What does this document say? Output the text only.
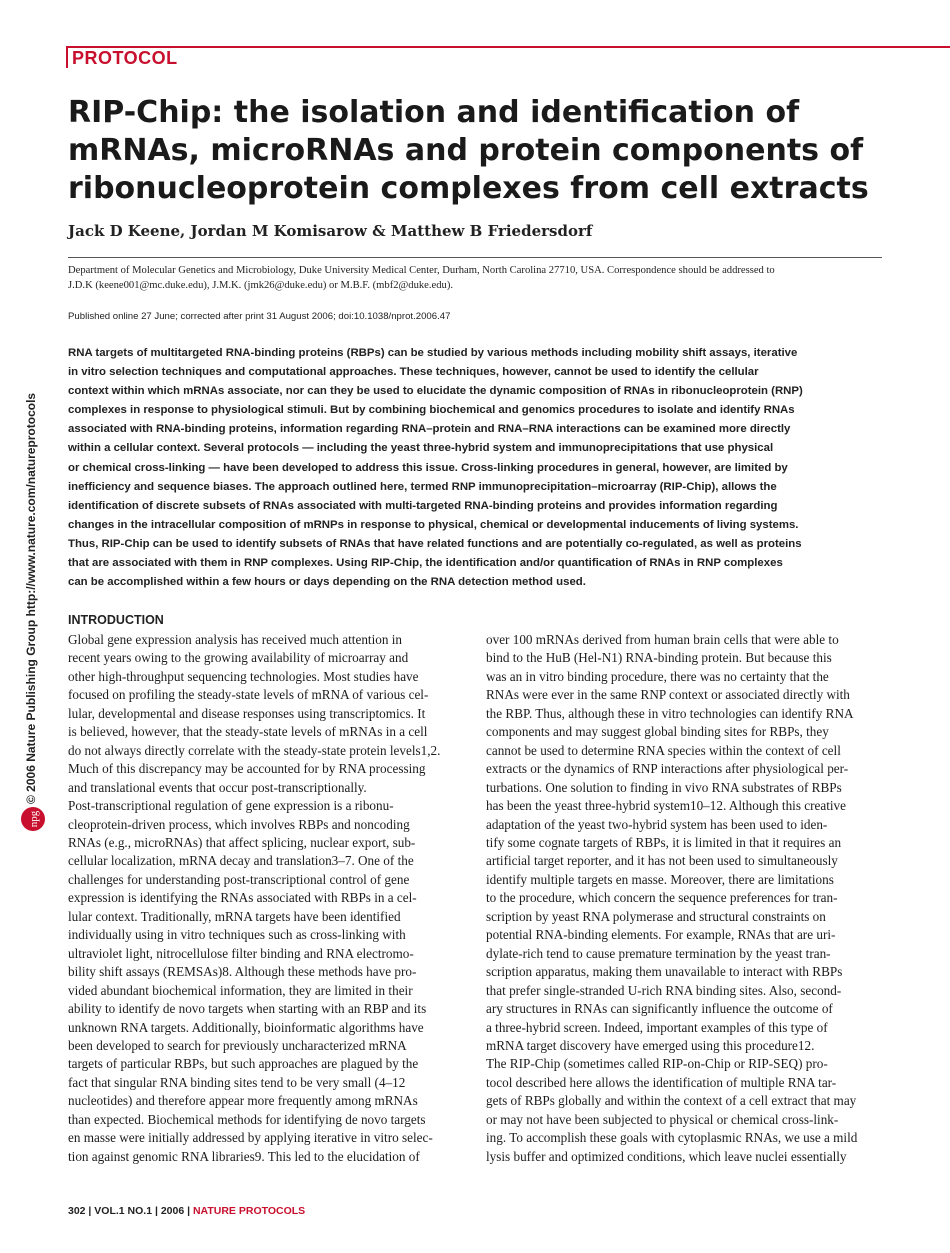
PROTOCOL
RIP-Chip: the isolation and identification of
mRNAs, microRNAs and protein components of
ribonucleoprotein complexes from cell extracts
Jack D Keene, Jordan M Komisarow & Matthew B Friedersdorf
Department of Molecular Genetics and Microbiology, Duke University Medical Center, Durham, North Carolina 27710, USA. Correspondence should be addressed to
J.D.K (keene001@mc.duke.edu), J.M.K. (jmk26@duke.edu) or M.B.F. (mbf2@duke.edu).
Published online 27 June; corrected after print 31 August 2006; doi:10.1038/nprot.2006.47
© 2006 Nature Publishing Group http://www.nature.com/natureprotocols
npg
RNA targets of multitargeted RNA-binding proteins (RBPs) can be studied by various methods including mobility shift assays, iterative
in vitro selection techniques and computational approaches. These techniques, however, cannot be used to identify the cellular
context within which mRNAs associate, nor can they be used to elucidate the dynamic composition of RNAs in ribonucleoprotein (RNP)
complexes in response to physiological stimuli. But by combining biochemical and genomics procedures to isolate and identify RNAs
associated with RNA-binding proteins, information regarding RNA–protein and RNA–RNA interactions can be examined more directly
within a cellular context. Several protocols — including the yeast three-hybrid system and immunoprecipitations that use physical
or chemical cross-linking — have been developed to address this issue. Cross-linking procedures in general, however, are limited by
inefficiency and sequence biases. The approach outlined here, termed RNP immunoprecipitation–microarray (RIP-Chip), allows the
identification of discrete subsets of RNAs associated with multi-targeted RNA-binding proteins and provides information regarding
changes in the intracellular composition of mRNPs in response to physical, chemical or developmental inducements of living systems.
Thus, RIP-Chip can be used to identify subsets of RNAs that have related functions and are potentially co-regulated, as well as proteins
that are associated with them in RNP complexes. Using RIP-Chip, the identification and/or quantification of RNAs in RNP complexes
can be accomplished within a few hours or days depending on the RNA detection method used.
INTRODUCTION
Global gene expression analysis has received much attention in
recent years owing to the growing availability of microarray and
other high-throughput sequencing technologies. Most studies have
focused on profiling the steady-state levels of mRNA of various cel-
lular, developmental and disease responses using transcriptomics. It
is believed, however, that the steady-state levels of mRNAs in a cell
do not always directly correlate with the steady-state protein levels1,2.
Much of this discrepancy may be accounted for by RNA processing
and translational events that occur post-transcriptionally.
Post-transcriptional regulation of gene expression is a ribonu-
cleoprotein-driven process, which involves RBPs and noncoding
RNAs (e.g., microRNAs) that affect splicing, nuclear export, sub-
cellular localization, mRNA decay and translation3–7. One of the
challenges for understanding post-transcriptional control of gene
expression is identifying the RNAs associated with RBPs in a cel-
lular context. Traditionally, mRNA targets have been identified
individually using in vitro techniques such as cross-linking with
ultraviolet light, nitrocellulose filter binding and RNA electromo-
bility shift assays (REMSAs)8. Although these methods have pro-
vided abundant biochemical information, they are limited in their
ability to identify de novo targets when starting with an RBP and its
unknown RNA targets. Additionally, bioinformatic algorithms have
been developed to search for previously uncharacterized mRNA
targets of particular RBPs, but such approaches are plagued by the
fact that singular RNA binding sites tend to be very small (4–12
nucleotides) and therefore appear more frequently among mRNAs
than expected. Biochemical methods for identifying de novo targets
en masse were initially addressed by applying iterative in vitro selec-
tion against genomic RNA libraries9. This led to the elucidation of
over 100 mRNAs derived from human brain cells that were able to
bind to the HuB (Hel-N1) RNA-binding protein. But because this
was an in vitro binding procedure, there was no certainty that the
RNAs were ever in the same RNP context or associated directly with
the RBP. Thus, although these in vitro technologies can identify RNA
components and may suggest global binding sites for RBPs, they
cannot be used to determine RNA species within the context of cell
extracts or the dynamics of RNP interactions after physiological per-
turbations. One solution to finding in vivo RNA substrates of RBPs
has been the yeast three-hybrid system10–12. Although this creative
adaptation of the yeast two-hybrid system has been used to iden-
tify some cognate targets of RBPs, it is limited in that it requires an
artificial target reporter, and it has not been used to simultaneously
identify multiple targets en masse. Moreover, there are limitations
to the procedure, which concern the sequence preferences for tran-
scription by yeast RNA polymerase and structural constraints on
potential RNA-binding elements. For example, RNAs that are uri-
dylate-rich tend to cause premature termination by the yeast tran-
scription apparatus, making them unavailable to interact with RBPs
that prefer single-stranded U-rich RNA binding sites. Also, second-
ary structures in RNAs can significantly influence the outcome of
a three-hybrid screen. Indeed, important examples of this type of
mRNA target discovery have emerged using this procedure12.
The RIP-Chip (sometimes called RIP-on-Chip or RIP-SEQ) pro-
tocol described here allows the identification of multiple RNA tar-
gets of RBPs globally and within the context of a cell extract that may
or may not have been subjected to physical or chemical cross-link-
ing. To accomplish these goals with cytoplasmic RNAs, we use a mild
lysis buffer and optimized conditions, which leave nuclei essentially
302 | VOL.1 NO.1 | 2006 | NATURE PROTOCOLS
